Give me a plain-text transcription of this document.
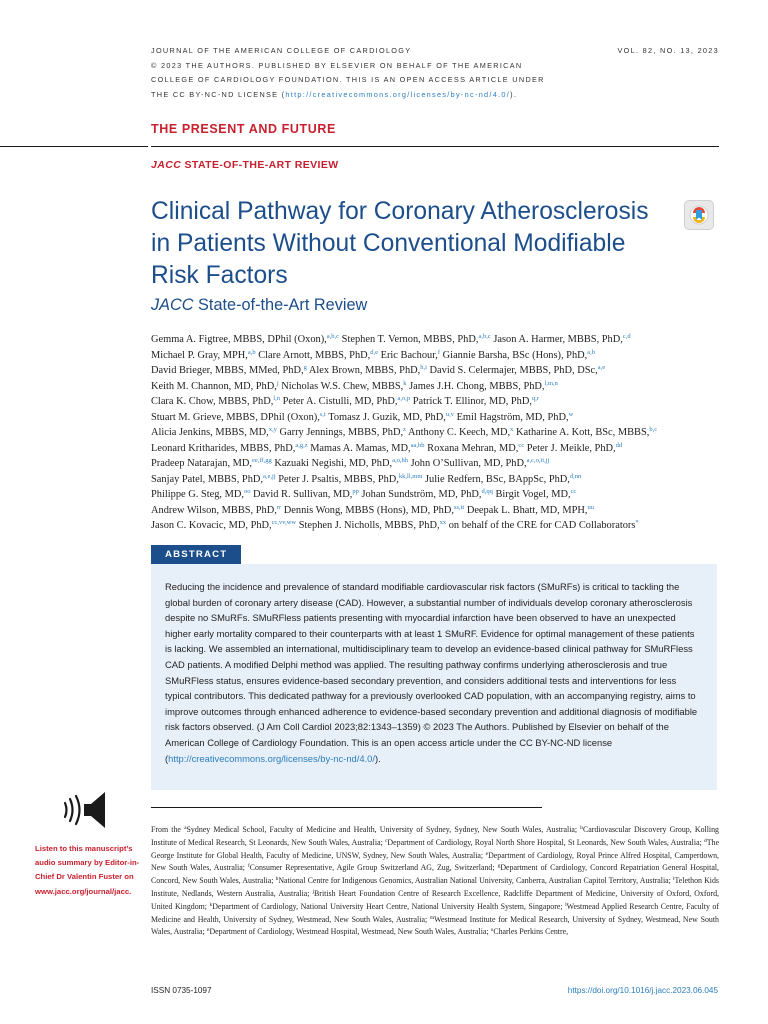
JOURNAL OF THE AMERICAN COLLEGE OF CARDIOLOGY	VOL. 82, NO. 13, 2023
© 2023 THE AUTHORS. PUBLISHED BY ELSEVIER ON BEHALF OF THE AMERICAN
COLLEGE OF CARDIOLOGY FOUNDATION. THIS IS AN OPEN ACCESS ARTICLE UNDER
THE CC BY-NC-ND LICENSE (http://creativecommons.org/licenses/by-nc-nd/4.0/).
THE PRESENT AND FUTURE
JACC STATE-OF-THE-ART REVIEW
Clinical Pathway for Coronary Atherosclerosis in Patients Without Conventional Modifiable Risk Factors
JACC State-of-the-Art Review
Gemma A. Figtree, MBBS, DPhil (Oxon),$^{a,b,c}$ Stephen T. Vernon, MBBS, PhD,$^{a,b,c}$ Jason A. Harmer, MBBS, PhD,$^{c,d}$
Michael P. Gray, MPH,$^{a,b}$ Clare Arnott, MBBS, PhD,$^{d,e}$ Eric Bachour,$^f$ Giannie Barsha, BSc (Hons), PhD,$^{a,b}$
David Brieger, MBBS, MMed, PhD,$^g$ Alex Brown, MBBS, PhD,$^{h,i}$ David S. Celermajer, MBBS, PhD, DSc,$^{a,e}$
Keith M. Channon, MD, PhD,$^j$ Nicholas W.S. Chew, MBBS,$^k$ James J.H. Chong, MBBS, PhD,$^{l,m,n}$
Clara K. Chow, MBBS, PhD,$^{l,n}$ Peter A. Cistulli, MD, PhD,$^{a,o,p}$ Patrick T. Ellinor, MD, PhD,$^{q,r}$
Stuart M. Grieve, MBBS, DPhil (Oxon),$^{s,t}$ Tomasz J. Guzik, MD, PhD,$^{u,v}$ Emil Hagström, MD, PhD,$^w$
Alicia Jenkins, MBBS, MD,$^{x,y}$ Garry Jennings, MBBS, PhD,$^z$ Anthony C. Keech, MD,$^x$ Katharine A. Kott, BSc, MBBS,$^{b,c}$
Leonard Kritharides, MBBS, PhD,$^{a,g,z}$ Mamas A. Mamas, MD,$^{aa,bb}$ Roxana Mehran, MD,$^{cc}$ Peter J. Meikle, PhD,$^{dd}$
Pradeep Natarajan, MD,$^{ee,ff,gg}$ Kazuaki Negishi, MD, PhD,$^{a,o,hh}$ John O’Sullivan, MD, PhD,$^{a,c,o,ii,jj}$
Sanjay Patel, MBBS, PhD,$^{a,e,jj}$ Peter J. Psaltis, MBBS, PhD,$^{kk,ll,mm}$ Julie Redfern, BSc, BAppSc, PhD,$^{d,nn}$
Philippe G. Steg, MD,$^{oo}$ David R. Sullivan, MD,$^{pp}$ Johan Sundström, MD, PhD,$^{d,qq}$ Birgit Vogel, MD,$^{cc}$
Andrew Wilson, MBBS, PhD,$^{rr}$ Dennis Wong, MBBS (Hons), MD, PhD,$^{ss,tt}$ Deepak L. Bhatt, MD, MPH,$^{uu}$
Jason C. Kovacic, MD, PhD,$^{cc,vv,ww}$ Stephen J. Nicholls, MBBS, PhD,$^{xx}$ on behalf of the CRE for CAD Collaborators*
ABSTRACT
Reducing the incidence and prevalence of standard modifiable cardiovascular risk factors (SMuRFs) is critical to tackling the global burden of coronary artery disease (CAD). However, a substantial number of individuals develop coronary atherosclerosis despite no SMuRFs. SMuRFless patients presenting with myocardial infarction have been observed to have an unexpected higher early mortality compared to their counterparts with at least 1 SMuRF. Evidence for optimal management of these patients is lacking. We assembled an international, multidisciplinary team to develop an evidence-based clinical pathway for SMuRFless CAD patients. A modified Delphi method was applied. The resulting pathway confirms underlying atherosclerosis and true SMuRFless status, ensures evidence-based secondary prevention, and considers additional tests and interventions for less typical contributors. This dedicated pathway for a previously overlooked CAD population, with an accompanying registry, aims to improve outcomes through enhanced adherence to evidence-based secondary prevention and additional diagnosis of modifiable risk factors observed. (J Am Coll Cardiol 2023;82:1343–1359) © 2023 The Authors. Published by Elsevier on behalf of the American College of Cardiology Foundation. This is an open access article under the CC BY-NC-ND license (http://creativecommons.org/licenses/by-nc-nd/4.0/).
Listen to this manuscript’s audio summary by Editor-in-Chief Dr Valentin Fuster on www.jacc.org/journal/jacc.
From the $^a$Sydney Medical School, Faculty of Medicine and Health, University of Sydney, Sydney, New South Wales, Australia; $^b$Cardiovascular Discovery Group, Kolling Institute of Medical Research, St Leonards, New South Wales, Australia; $^c$Department of Cardiology, Royal North Shore Hospital, St Leonards, New South Wales, Australia; $^d$The George Institute for Global Health, Faculty of Medicine, UNSW, Sydney, New South Wales, Australia; $^e$Department of Cardiology, Royal Prince Alfred Hospital, Camperdown, New South Wales, Australia; $^f$Consumer Representative, Agile Group Switzerland AG, Zug, Switzerland; $^g$Department of Cardiology, Concord Repatriation General Hospital, Concord, New South Wales, Australia; $^h$National Centre for Indigenous Genomics, Australian National University, Canberra, Australian Capitol Territory, Australia; $^i$Telethon Kids Institute, Nedlands, Western Australia, Australia; $^j$British Heart Foundation Centre of Research Excellence, Radcliffe Department of Medicine, University of Oxford, Oxford, United Kingdom; $^k$Department of Cardiology, National University Heart Centre, National University Health System, Singapore; $^l$Westmead Applied Research Centre, Faculty of Medicine and Health, University of Sydney, Westmead, New South Wales, Australia; $^m$Westmead Institute for Medical Research, University of Sydney, Westmead, New South Wales, Australia; $^n$Department of Cardiology, Westmead Hospital, Westmead, New South Wales, Australia; $^o$Charles Perkins Centre,
ISSN 0735-1097	https://doi.org/10.1016/j.jacc.2023.06.045
